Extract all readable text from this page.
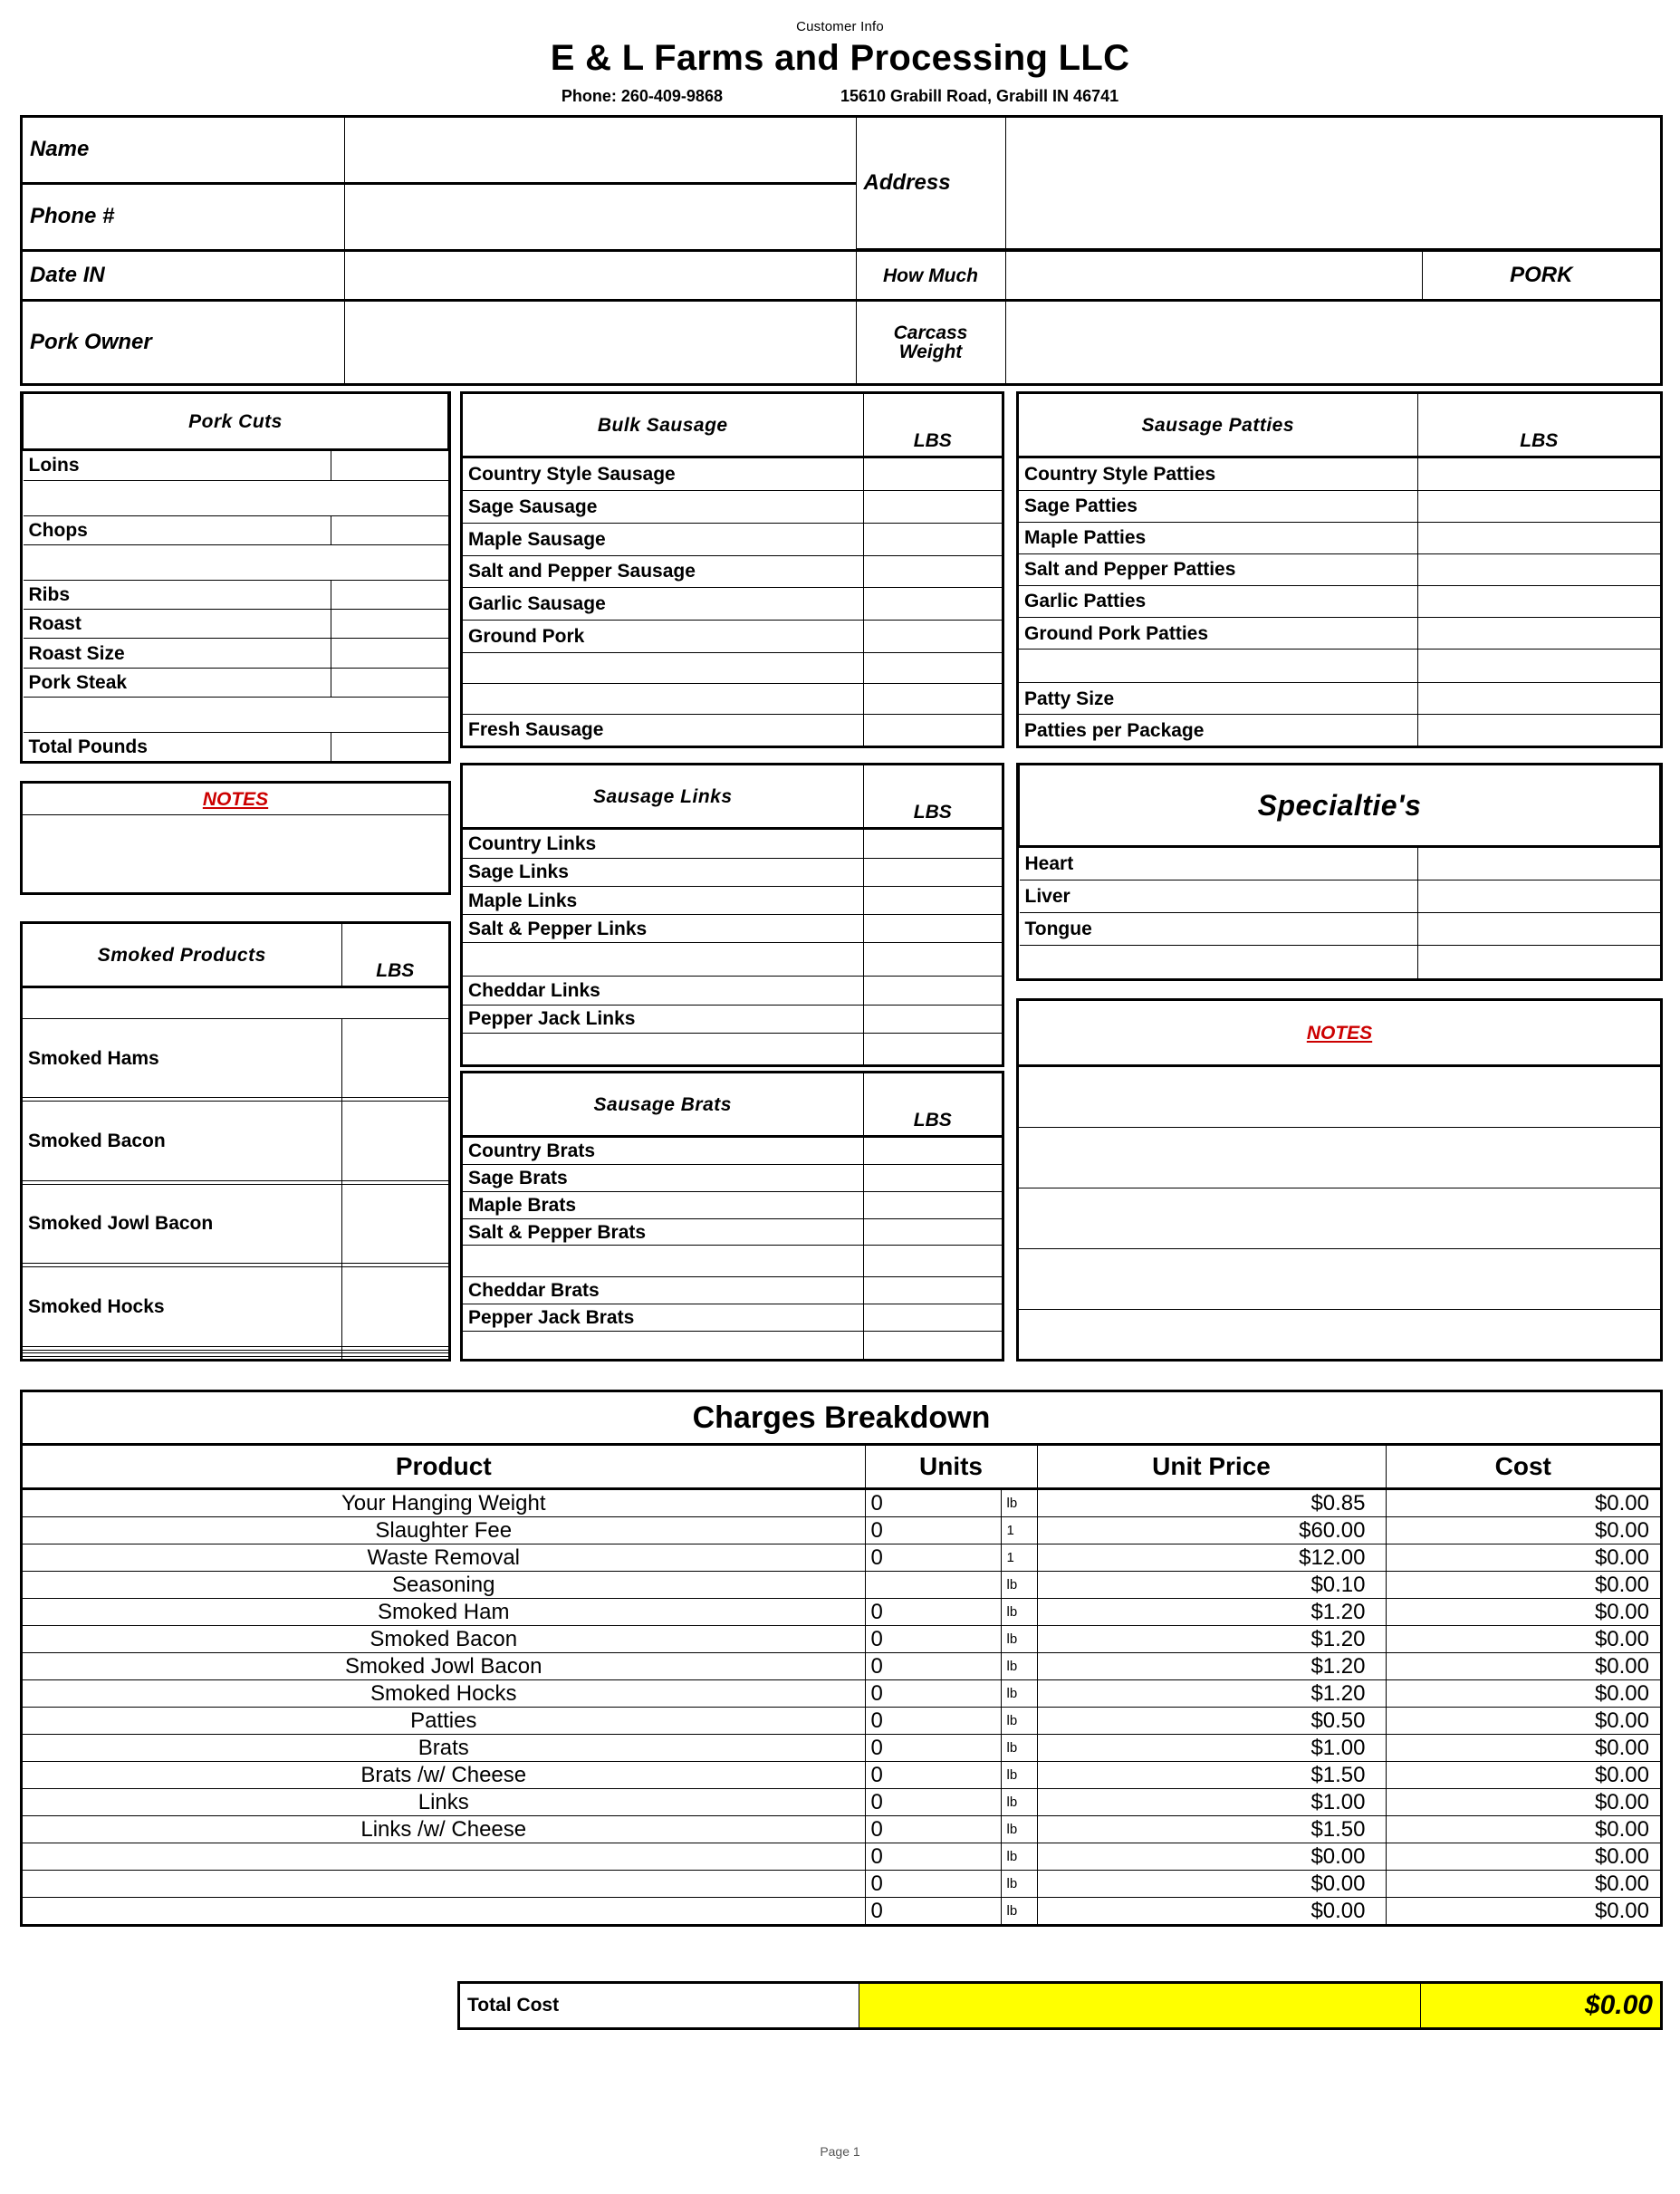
Customer Info
E & L Farms and Processing LLC
Phone: 260-409-9868	15610 Grabill Road, Grabill IN 46741
Name		Address	
Phone #			
Date IN		How Much		PORK
Pork Owner		Carcass Weight		
Pork Cuts	
Loins	

Chops	

Ribs	
Roast	
Roast Size	
Pork Steak	

Total Pounds	
NOTES

Smoked Products	LBS

Smoked Hams	

Smoked Bacon	

Smoked Jowl Bacon	

Smoked Hocks	

Bulk Sausage	LBS
Country Style Sausage	
Sage Sausage	
Maple Sausage	
Salt and Pepper Sausage	
Garlic Sausage	
Ground Pork	

Fresh Sausage	
Sausage Links	LBS
Country Links	
Sage Links	
Maple Links	
Salt & Pepper Links	

Cheddar Links	
Pepper Jack Links	

Sausage Brats	LBS
Country Brats	
Sage Brats	
Maple Brats	
Salt & Pepper Brats	

Cheddar Brats	
Pepper Jack Brats	

Sausage Patties	LBS
Country Style Patties	
Sage Patties	
Maple Patties	
Salt and Pepper Patties	
Garlic Patties	
Ground Pork Patties	

Patty Size	
Patties per Package	
Specialtie's	
Heart	
Liver	
Tongue	

NOTES

Charges Breakdown				
Product	Units		Unit Price	Cost
Your Hanging Weight	0	lb	$0.85	$0.00
Slaughter Fee	0	1	$60.00	$0.00
Waste Removal	0	1	$12.00	$0.00
Seasoning		lb	$0.10	$0.00
Smoked Ham	0	lb	$1.20	$0.00
Smoked Bacon	0	lb	$1.20	$0.00
Smoked Jowl Bacon	0	lb	$1.20	$0.00
Smoked Hocks	0	lb	$1.20	$0.00
Patties	0	lb	$0.50	$0.00
Brats	0	lb	$1.00	$0.00
Brats /w/ Cheese	0	lb	$1.50	$0.00
Links	0	lb	$1.00	$0.00
Links /w/ Cheese	0	lb	$1.50	$0.00
	0	lb	$0.00	$0.00
	0	lb	$0.00	$0.00
	0	lb	$0.00	$0.00
Total Cost		$0.00
Page 1
